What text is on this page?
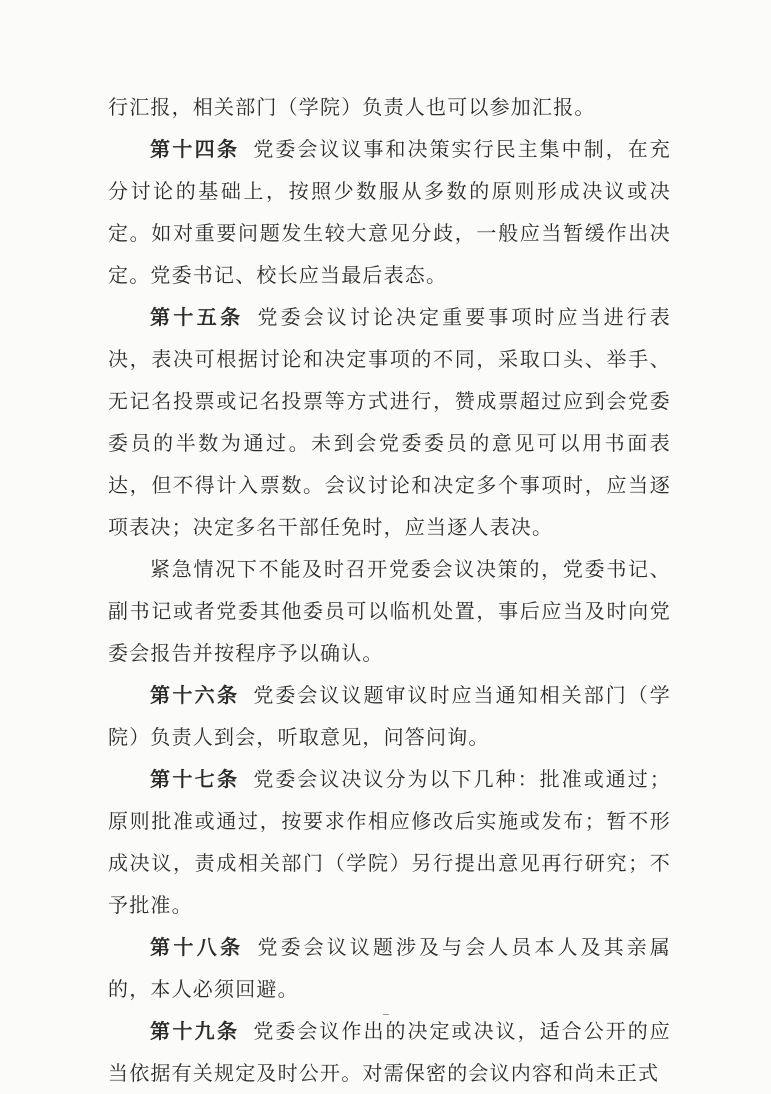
行汇报，相关部门（学院）负责人也可以参加汇报。

第十四条 党委会议议事和决策实行民主集中制，在充分讨论的基础上，按照少数服从多数的原则形成决议或决定。如对重要问题发生较大意见分歧，一般应当暂缓作出决定。党委书记、校长应当最后表态。

第十五条 党委会议讨论决定重要事项时应当进行表决，表决可根据讨论和决定事项的不同，采取口头、举手、无记名投票或记名投票等方式进行，赞成票超过应到会党委委员的半数为通过。未到会党委委员的意见可以用书面表达，但不得计入票数。会议讨论和决定多个事项时，应当逐项表决；决定多名干部任免时，应当逐人表决。

紧急情况下不能及时召开党委会议决策的，党委书记、副书记或者党委其他委员可以临机处置，事后应当及时向党委会报告并按程序予以确认。

第十六条 党委会议议题审议时应当通知相关部门（学院）负责人到会，听取意见，问答问询。

第十七条 党委会议决议分为以下几种：批准或通过；原则批准或通过，按要求作相应修改后实施或发布；暂不形成决议，责成相关部门（学院）另行提出意见再行研究；不予批准。

第十八条 党委会议议题涉及与会人员本人及其亲属的，本人必须回避。

第十九条 党委会议作出的决定或决议，适合公开的应当依据有关规定及时公开。对需保密的会议内容和尚未正式
